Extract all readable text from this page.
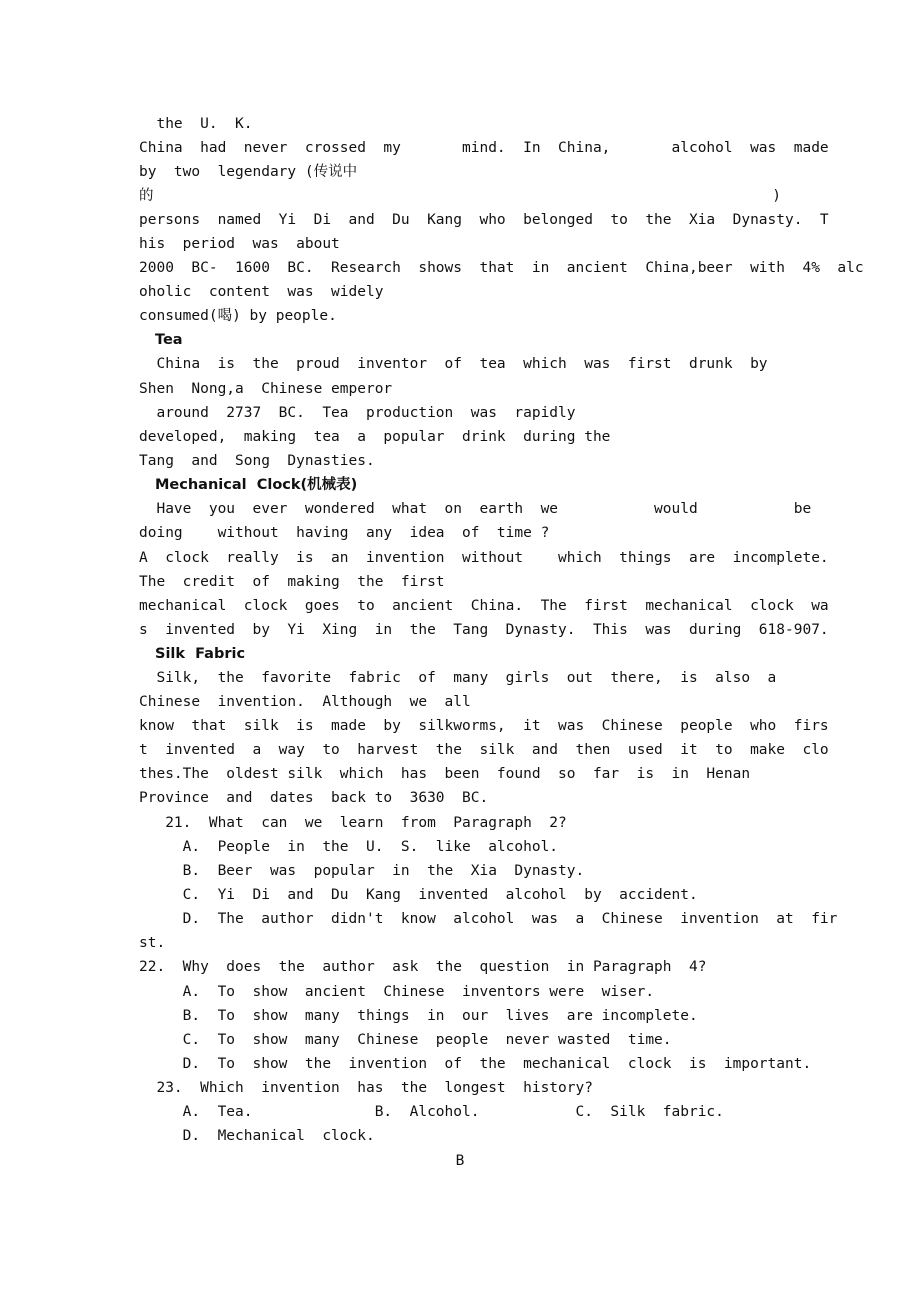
the  U.  K.
China  had  never  crossed  my       mind.  In  China,       alcohol  was  made
by  two  legendary (传说中
的	)
persons  named  Yi  Di  and  Du  Kang  who  belonged  to  the  Xia  Dynasty.  T
his  period  was  about
2000  BC-  1600  BC.  Research  shows  that  in  ancient  China,beer  with  4%  alc
oholic  content  was  widely
consumed(喝) by people.
Tea
China  is  the  proud  inventor  of  tea  which  was  first  drunk  by
Shen  Nong,a  Chinese emperor
around  2737  BC.  Tea  production  was  rapidly
developed,  making  tea  a  popular  drink  during the
Tang  and  Song  Dynasties.
Mechanical  Clock(机械表)
Have  you  ever  wondered  what  on  earth  we           would           be
doing    without  having  any  idea  of  time ?
A  clock  really  is  an  invention  without    which  things  are  incomplete.
The  credit  of  making  the  first
mechanical  clock  goes  to  ancient  China.  The  first  mechanical  clock  wa
s  invented  by  Yi  Xing  in  the  Tang  Dynasty.  This  was  during  618-907.
Silk  Fabric
Silk,  the  favorite  fabric  of  many  girls  out  there,  is  also  a
Chinese  invention.  Although  we  all
know  that  silk  is  made  by  silkworms,  it  was  Chinese  people  who  firs
t  invented  a  way  to  harvest  the  silk  and  then  used  it  to  make  clo
thes.The  oldest silk  which  has  been  found  so  far  is  in  Henan
Province  and  dates  back to  3630  BC.
21.  What  can  we  learn  from  Paragraph  2?
A.  People  in  the  U.  S.  like  alcohol.
B.  Beer  was  popular  in  the  Xia  Dynasty.
C.  Yi  Di  and  Du  Kang  invented  alcohol  by  accident.
D.  The  author  didn't  know  alcohol  was  a  Chinese  invention  at  fir
st.
22.  Why  does  the  author  ask  the  question  in Paragraph  4?
A.  To  show  ancient  Chinese  inventors were  wiser.
B.  To  show  many  things  in  our  lives  are incomplete.
C.  To  show  many  Chinese  people  never wasted  time.
D.  To  show  the  invention  of  the  mechanical  clock  is  important.
23.  Which  invention  has  the  longest  history?
A.  Tea.              B.  Alcohol.           C.  Silk  fabric.
D.  Mechanical  clock.
B
